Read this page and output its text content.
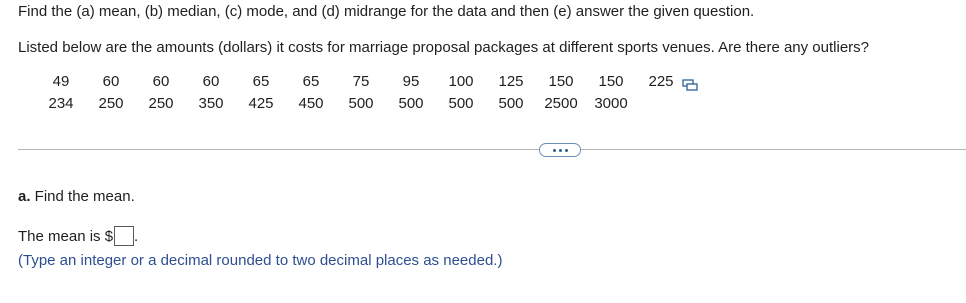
Find the (a) mean, (b) median, (c) mode, and (d) midrange for the data and then (e) answer the given question.
Listed below are the amounts (dollars) it costs for marriage proposal packages at different sports venues. Are there any outliers?
49	60	60	60	65	65	75	95	100	125	150	150	225
234	250	250	350	425	450	500	500	500	500	2500	3000
a. Find the mean.
The mean is $ .
(Type an integer or a decimal rounded to two decimal places as needed.)
